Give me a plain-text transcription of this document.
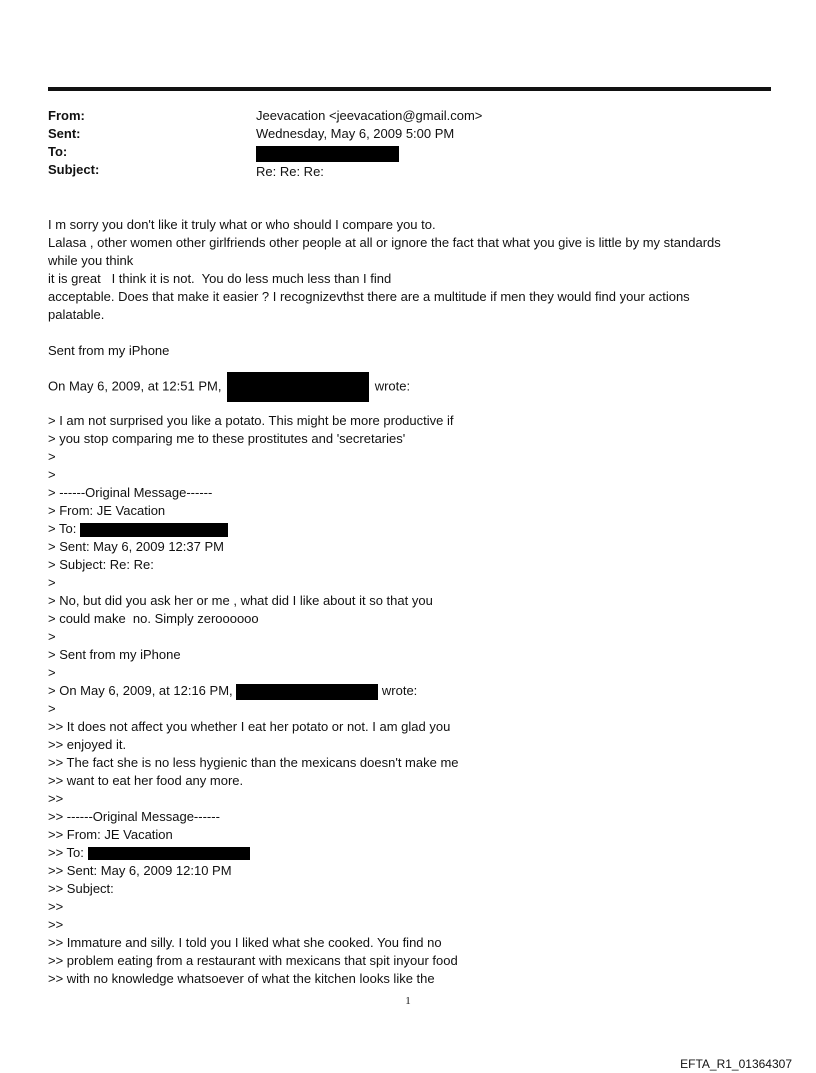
From:	Jeevacation <jeevacation@gmail.com>
Sent:	Wednesday, May 6, 2009 5:00 PM
To:
Subject:	Re: Re: Re:
I m sorry you don't like it truly what or who should I compare you to.
Lalasa , other women other girlfriends other people at all or ignore the fact that what you give is little by my standards
while you think
it is great   I think it is not.  You do less much less than I find
acceptable. Does that make it easier ? I recognizevthst there are a multitude if men they would find your actions
palatable.
Sent from my iPhone
On May 6, 2009, at 12:51 PM,	wrote:
> I am not surprised you like a potato. This might be more productive if
> you stop comparing me to these prostitutes and 'secretaries'
>
>
> ------Original Message------
> From: JE Vacation
> To:
> Sent: May 6, 2009 12:37 PM
> Subject: Re: Re:
>
> No, but did you ask her or me , what did I like about it so that you
> could make  no. Simply zeroooooo
>
> Sent from my iPhone
>
> On May 6, 2009, at 12:16 PM,	wrote:
>
>> It does not affect you whether I eat her potato or not. I am glad you
>> enjoyed it.
>> The fact she is no less hygienic than the mexicans doesn't make me
>> want to eat her food any more.
>>
>> ------Original Message------
>> From: JE Vacation
>> To:
>> Sent: May 6, 2009 12:10 PM
>> Subject:
>>
>>
>> Immature and silly. I told you I liked what she cooked. You find no
>> problem eating from a restaurant with mexicans that spit inyour food
>> with no knowledge whatsoever of what the kitchen looks like the
1
EFTA_R1_01364307
